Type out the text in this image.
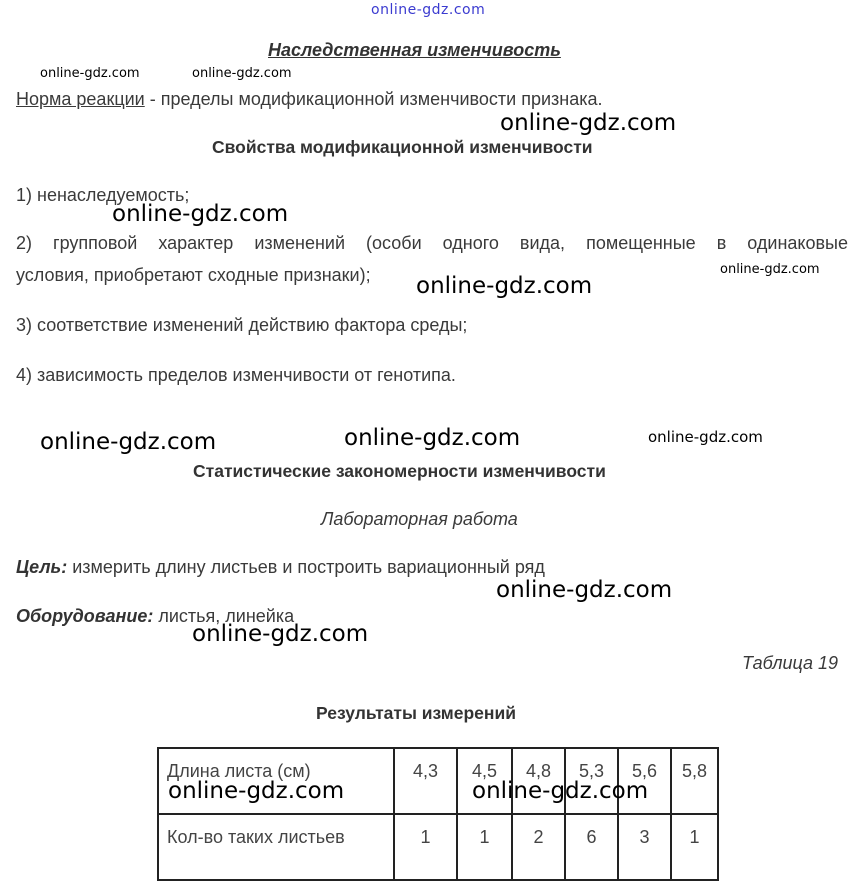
online-gdz.com
Наследственная изменчивость
online-gdz.com	online-gdz.com
Норма реакции - пределы модификационной изменчивости признака.
online-gdz.com
Свойства модификационной изменчивости
1) ненаследуемость;
online-gdz.com
2) групповой характер изменений (особи одного вида, помещенные в одинаковые
условия, приобретают сходные признаки);	online-gdz.com
online-gdz.com
3) соответствие изменений действию фактора среды;
4) зависимость пределов изменчивости от генотипа.
online-gdz.com	online-gdz.com	online-gdz.com
Статистические закономерности изменчивости
Лабораторная работа
Цель: измерить длину листьев и построить вариационный ряд
online-gdz.com
Оборудование: листья, линейка
online-gdz.com
Таблица 19
Результаты измерений
Длина листа (см)	4,3	4,5	4,8	5,3	5,6	5,8
Кол-во таких листьев	1	1	2	6	3	1
online-gdz.com	online-gdz.com
